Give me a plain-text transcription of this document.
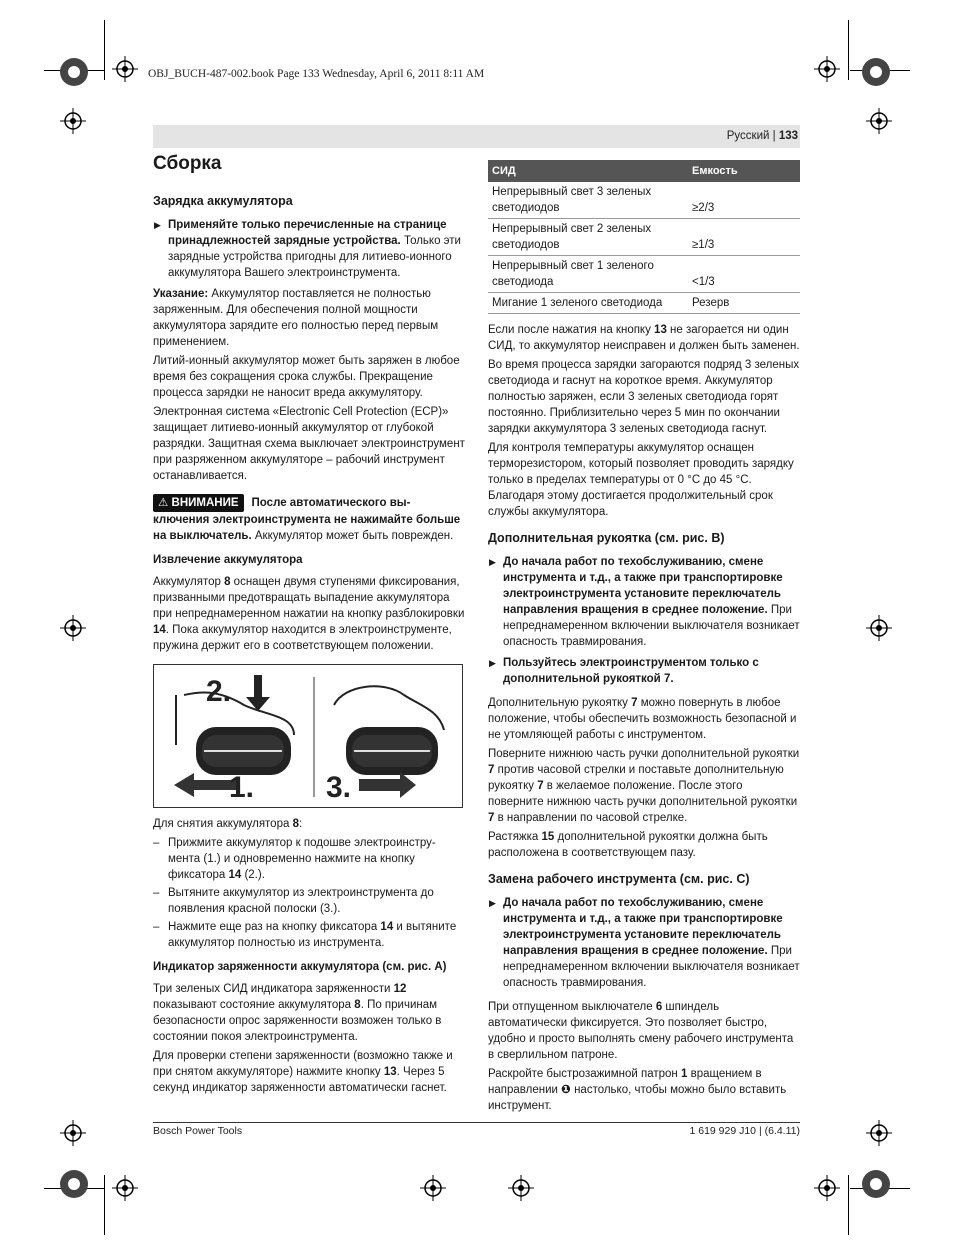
OBJ_BUCH-487-002.book Page 133 Wednesday, April 6, 2011 8:11 AM
Русский | 133
Сборка
Зарядка аккумулятора
▶ Применяйте только перечисленные на странице принадлежностей зарядные устройства. Только эти зарядные устройства пригодны для литиево-ионного аккумулятора Вашего электроинструмента.

Указание: Аккумулятор поставляется не полностью заряженным. Для обеспечения полной мощности аккумулятора зарядите его полностью перед первым применением.

Литий-ионный аккумулятор может быть заряжен в любое время без сокращения срока службы. Прекращение процесса зарядки не наносит вреда аккумулятору.

Электронная система «Electronic Cell Protection (ECP)» защищает литиево-ионный аккумулятор от глубокой разрядки. Защитная схема выключает электроинструмент при разряженном аккумуляторе – рабочий инструмент останавливается.

⚠ ВНИМАНИЕ После автоматического вы-ключения электроинструмента не нажимайте больше на выключатель. Аккумулятор может быть поврежден.

Извлечение аккумулятора

Аккумулятор 8 оснащен двумя ступенями фиксирования, призванными предотвращать выпадение аккумулятора при непреднамеренном нажатии на кнопку разблокировки 14. Пока аккумулятор находится в электроинструменте, пружина держит его в соответствующем положении.

2.
1. 3.

Для снятия аккумулятора 8:

– Прижмите аккумулятор к подошве электроинстру-мента (1.) и одновременно нажмите на кнопку фиксатора 14 (2.).
– Вытяните аккумулятор из электроинструмента до появления красной полоски (3.).
– Нажмите еще раз на кнопку фиксатора 14 и вытяните аккумулятор полностью из инструмента.
Индикатор заряженности аккумулятора (см. рис. A)

Три зеленых СИД индикатора заряженности 12 показывают состояние аккумулятора 8. По причинам безопасности опрос заряженности возможен только в состоянии покоя электроинструмента.

Для проверки степени заряженности (возможно также и при снятом аккумуляторе) нажмите кнопку 13. Через 5 секунд индикатор заряженности автоматически гаснет.

СИД	Емкость
Непрерывный свет 3 зеленых светодиодов	≥2/3
Непрерывный свет 2 зеленых светодиодов	≥1/3
Непрерывный свет 1 зеленого светодиода	<1/3
Мигание 1 зеленого светодиода	Резерв

Если после нажатия на кнопку 13 не загорается ни один СИД, то аккумулятор неисправен и должен быть заменен.

Во время процесса зарядки загораются подряд 3 зеленых светодиода и гаснут на короткое время. Аккумулятор полностью заряжен, если 3 зеленых светодиода горят постоянно. Приблизительно через 5 мин по окончании зарядки аккумулятора 3 зеленых светодиода гаснут.

Для контроля температуры аккумулятор оснащен терморезистором, который позволяет проводить зарядку только в пределах температуры от 0 °C до 45 °C. Благодаря этому достигается продолжительный срок службы аккумулятора.

Дополнительная рукоятка (см. рис. B)
▶ До начала работ по техобслуживанию, смене инструмента и т.д., а также при транспортировке электроинструмента установите переключатель направления вращения в среднее положение. При непреднамеренном включении выключателя возникает опасность травмирования.
▶ Пользуйтесь электроинструментом только с дополнительной рукояткой 7.

Дополнительную рукоятку 7 можно повернуть в любое положение, чтобы обеспечить возможность безопасной и не утомляющей работы с инструментом.

Поверните нижнюю часть ручки дополнительной рукоятки 7 против часовой стрелки и поставьте дополнительную рукоятку 7 в желаемое положение. После этого поверните нижнюю часть ручки дополнительной рукоятки 7 в направлении по часовой стрелке.

Растяжка 15 дополнительной рукоятки должна быть расположена в соответствующем пазу.

Замена рабочего инструмента (см. рис. C)
▶ До начала работ по техобслуживанию, смене инструмента и т.д., а также при транспортировке электроинструмента установите переключатель направления вращения в среднее положение. При непреднамеренном включении выключателя возникает опасность травмирования.

При отпущенном выключателе 6 шпиндель автоматически фиксируется. Это позволяет быстро, удобно и просто выполнять смену рабочего инструмента в сверлильном патроне.

Раскройте быстрозажимной патрон 1 вращением в направлении ❶ настолько, чтобы можно было вставить инструмент.

Bosch Power Tools	1 619 929 J10 | (6.4.11)
